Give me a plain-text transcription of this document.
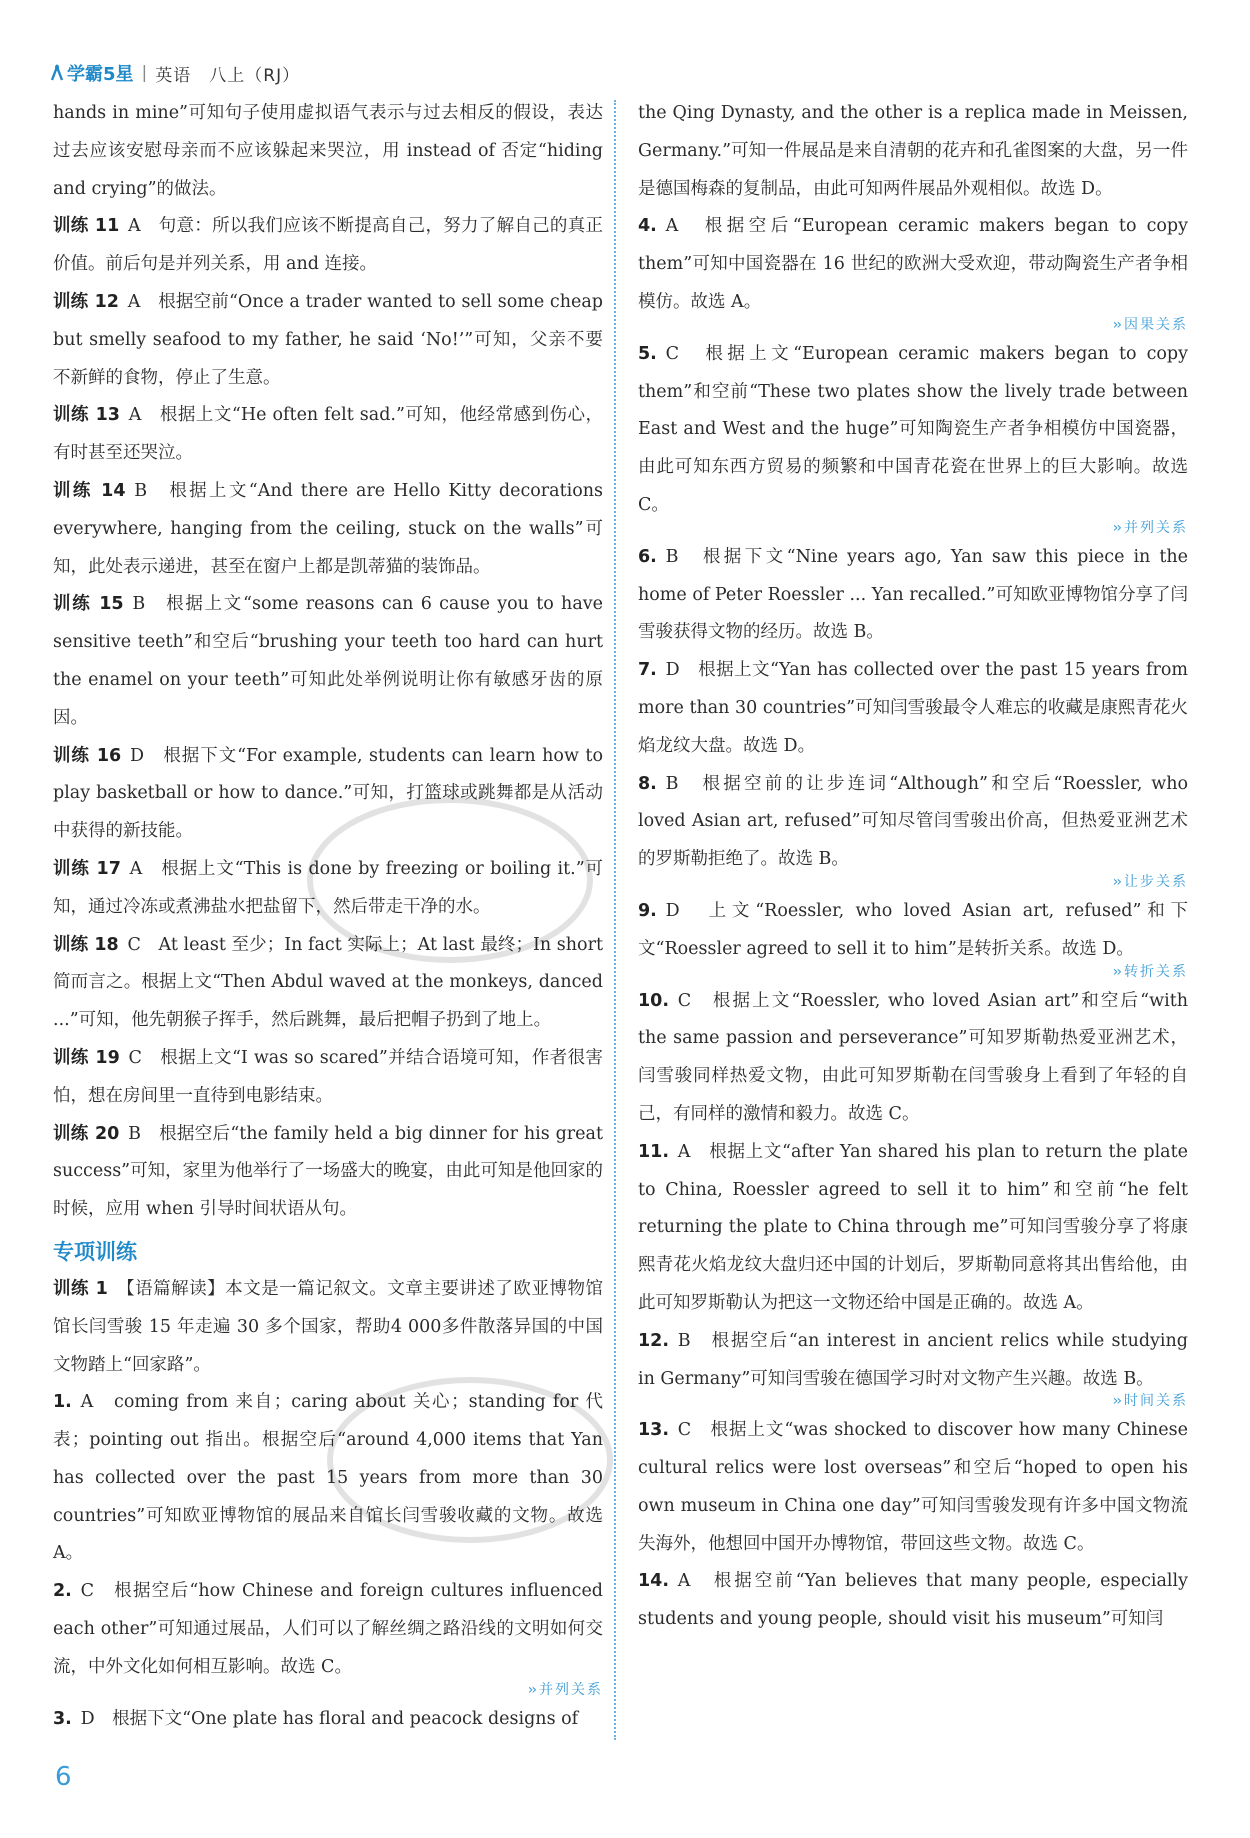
学霸5星 | 英语　八上（RJ）

hands in mine”可知句子使用虚拟语气表示与过去相反的假设，表达过去应该安慰母亲而不应该躲起来哭泣，用 instead of 否定“hiding and crying”的做法。

训练 11  A　句意：所以我们应该不断提高自己，努力了解自己的真正价值。前后句是并列关系，用 and 连接。

训练 12  A　根据空前“Once a trader wanted to sell some cheap but smelly seafood to my father, he said ‘No!’”可知，父亲不要不新鲜的食物，停止了生意。

训练 13  A　根据上文“He often felt sad.”可知，他经常感到伤心，有时甚至还哭泣。

训练 14  B　根据上文“And there are Hello Kitty decorations everywhere, hanging from the ceiling, stuck on the walls”可知，此处表示递进，甚至在窗户上都是凯蒂猫的装饰品。

训练 15  B　根据上文“some reasons can 6 cause you to have sensitive teeth”和空后“brushing your teeth too hard can hurt the enamel on your teeth”可知此处举例说明让你有敏感牙齿的原因。

训练 16  D　根据下文“For example, students can learn how to play basketball or how to dance.”可知，打篮球或跳舞都是从活动中获得的新技能。

训练 17  A　根据上文“This is done by freezing or boiling it.”可知，通过冷冻或煮沸盐水把盐留下，然后带走干净的水。

训练 18  C　At least 至少；In fact 实际上；At last 最终；In short 简而言之。根据上文“Then Abdul waved at the monkeys, danced ...”可知，他先朝猴子挥手，然后跳舞，最后把帽子扔到了地上。

训练 19  C　根据上文“I was so scared”并结合语境可知，作者很害怕，想在房间里一直待到电影结束。

训练 20  B　根据空后“the family held a big dinner for his great success”可知，家里为他举行了一场盛大的晚宴，由此可知是他回家的时候，应用 when 引导时间状语从句。

专项训练

训练 1  【语篇解读】本文是一篇记叙文。文章主要讲述了欧亚博物馆馆长闫雪骏 15 年走遍 30 多个国家，帮助4 000多件散落异国的中国文物踏上“回家路”。

1.  A　coming from 来自；caring about 关心；standing for 代表；pointing out 指出。根据空后“around 4,000 items that Yan has collected over the past 15 years from more than 30 countries”可知欧亚博物馆的展品来自馆长闫雪骏收藏的文物。故选 A。

2.  C　根据空后“how Chinese and foreign cultures influenced each other”可知通过展品，人们可以了解丝绸之路沿线的文明如何交流，中外文化如何相互影响。故选 C。

›› 并列关系

3.  D　根据下文“One plate has floral and peacock designs of

the Qing Dynasty, and the other is a replica made in Meissen, Germany.”可知一件展品是来自清朝的花卉和孔雀图案的大盘，另一件是德国梅森的复制品，由此可知两件展品外观相似。故选 D。

4.  A　根据空后“European ceramic makers began to copy them”可知中国瓷器在 16 世纪的欧洲大受欢迎，带动陶瓷生产者争相模仿。故选 A。

›› 因果关系

5.  C　根据上文“European ceramic makers began to copy them”和空前“These two plates show the lively trade between East and West and the huge”可知陶瓷生产者争相模仿中国瓷器，由此可知东西方贸易的频繁和中国青花瓷在世界上的巨大影响。故选 C。

›› 并列关系

6.  B　根据下文“Nine years ago, Yan saw this piece in the home of Peter Roessler ... Yan recalled.”可知欧亚博物馆分享了闫雪骏获得文物的经历。故选 B。

7.  D　根据上文“Yan has collected over the past 15 years from more than 30 countries”可知闫雪骏最令人难忘的收藏是康熙青花火焰龙纹大盘。故选 D。

8.  B　根据空前的让步连词“Although”和空后“Roessler, who loved Asian art, refused”可知尽管闫雪骏出价高，但热爱亚洲艺术的罗斯勒拒绝了。故选 B。

›› 让步关系

9.  D　上文“Roessler, who loved Asian art, refused”和下文“Roessler agreed to sell it to him”是转折关系。故选 D。

›› 转折关系

10.  C　根据上文“Roessler, who loved Asian art”和空后“with the same passion and perseverance”可知罗斯勒热爱亚洲艺术，闫雪骏同样热爱文物，由此可知罗斯勒在闫雪骏身上看到了年轻的自己，有同样的激情和毅力。故选 C。

11.  A　根据上文“after Yan shared his plan to return the plate to China, Roessler agreed to sell it to him”和空前“he felt returning the plate to China through me”可知闫雪骏分享了将康熙青花火焰龙纹大盘归还中国的计划后，罗斯勒同意将其出售给他，由此可知罗斯勒认为把这一文物还给中国是正确的。故选 A。

12.  B　根据空后“an interest in ancient relics while studying in Germany”可知闫雪骏在德国学习时对文物产生兴趣。故选 B。

›› 时间关系

13.  C　根据上文“was shocked to discover how many Chinese cultural relics were lost overseas”和空后“hoped to open his own museum in China one day”可知闫雪骏发现有许多中国文物流失海外，他想回中国开办博物馆，带回这些文物。故选 C。

14.  A　根据空前“Yan believes that many people, especially students and young people, should visit his museum”可知闫

6
